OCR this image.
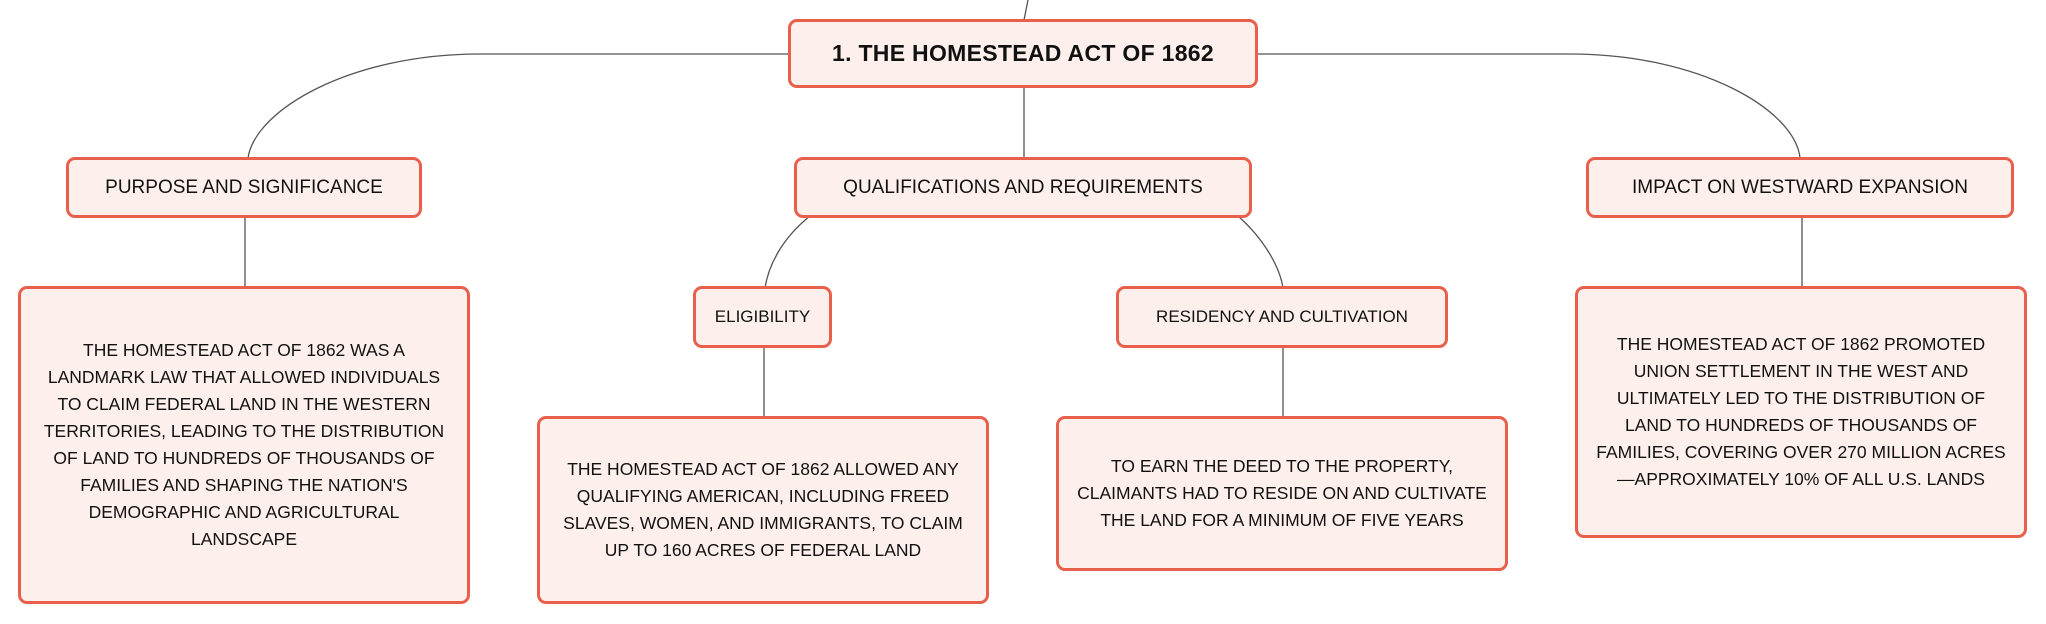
1. THE HOMESTEAD ACT OF 1862
PURPOSE AND SIGNIFICANCE	QUALIFICATIONS AND REQUIREMENTS	IMPACT ON WESTWARD EXPANSION
ELIGIBILITY	RESIDENCY AND CULTIVATION
THE HOMESTEAD ACT OF 1862 WAS A LANDMARK LAW THAT ALLOWED INDIVIDUALS TO CLAIM FEDERAL LAND IN THE WESTERN TERRITORIES, LEADING TO THE DISTRIBUTION OF LAND TO HUNDREDS OF THOUSANDS OF FAMILIES AND SHAPING THE NATION'S DEMOGRAPHIC AND AGRICULTURAL LANDSCAPE
THE HOMESTEAD ACT OF 1862 ALLOWED ANY QUALIFYING AMERICAN, INCLUDING FREED SLAVES, WOMEN, AND IMMIGRANTS, TO CLAIM UP TO 160 ACRES OF FEDERAL LAND
TO EARN THE DEED TO THE PROPERTY, CLAIMANTS HAD TO RESIDE ON AND CULTIVATE THE LAND FOR A MINIMUM OF FIVE YEARS
THE HOMESTEAD ACT OF 1862 PROMOTED UNION SETTLEMENT IN THE WEST AND ULTIMATELY LED TO THE DISTRIBUTION OF LAND TO HUNDREDS OF THOUSANDS OF FAMILIES, COVERING OVER 270 MILLION ACRES—APPROXIMATELY 10% OF ALL U.S. LANDS
